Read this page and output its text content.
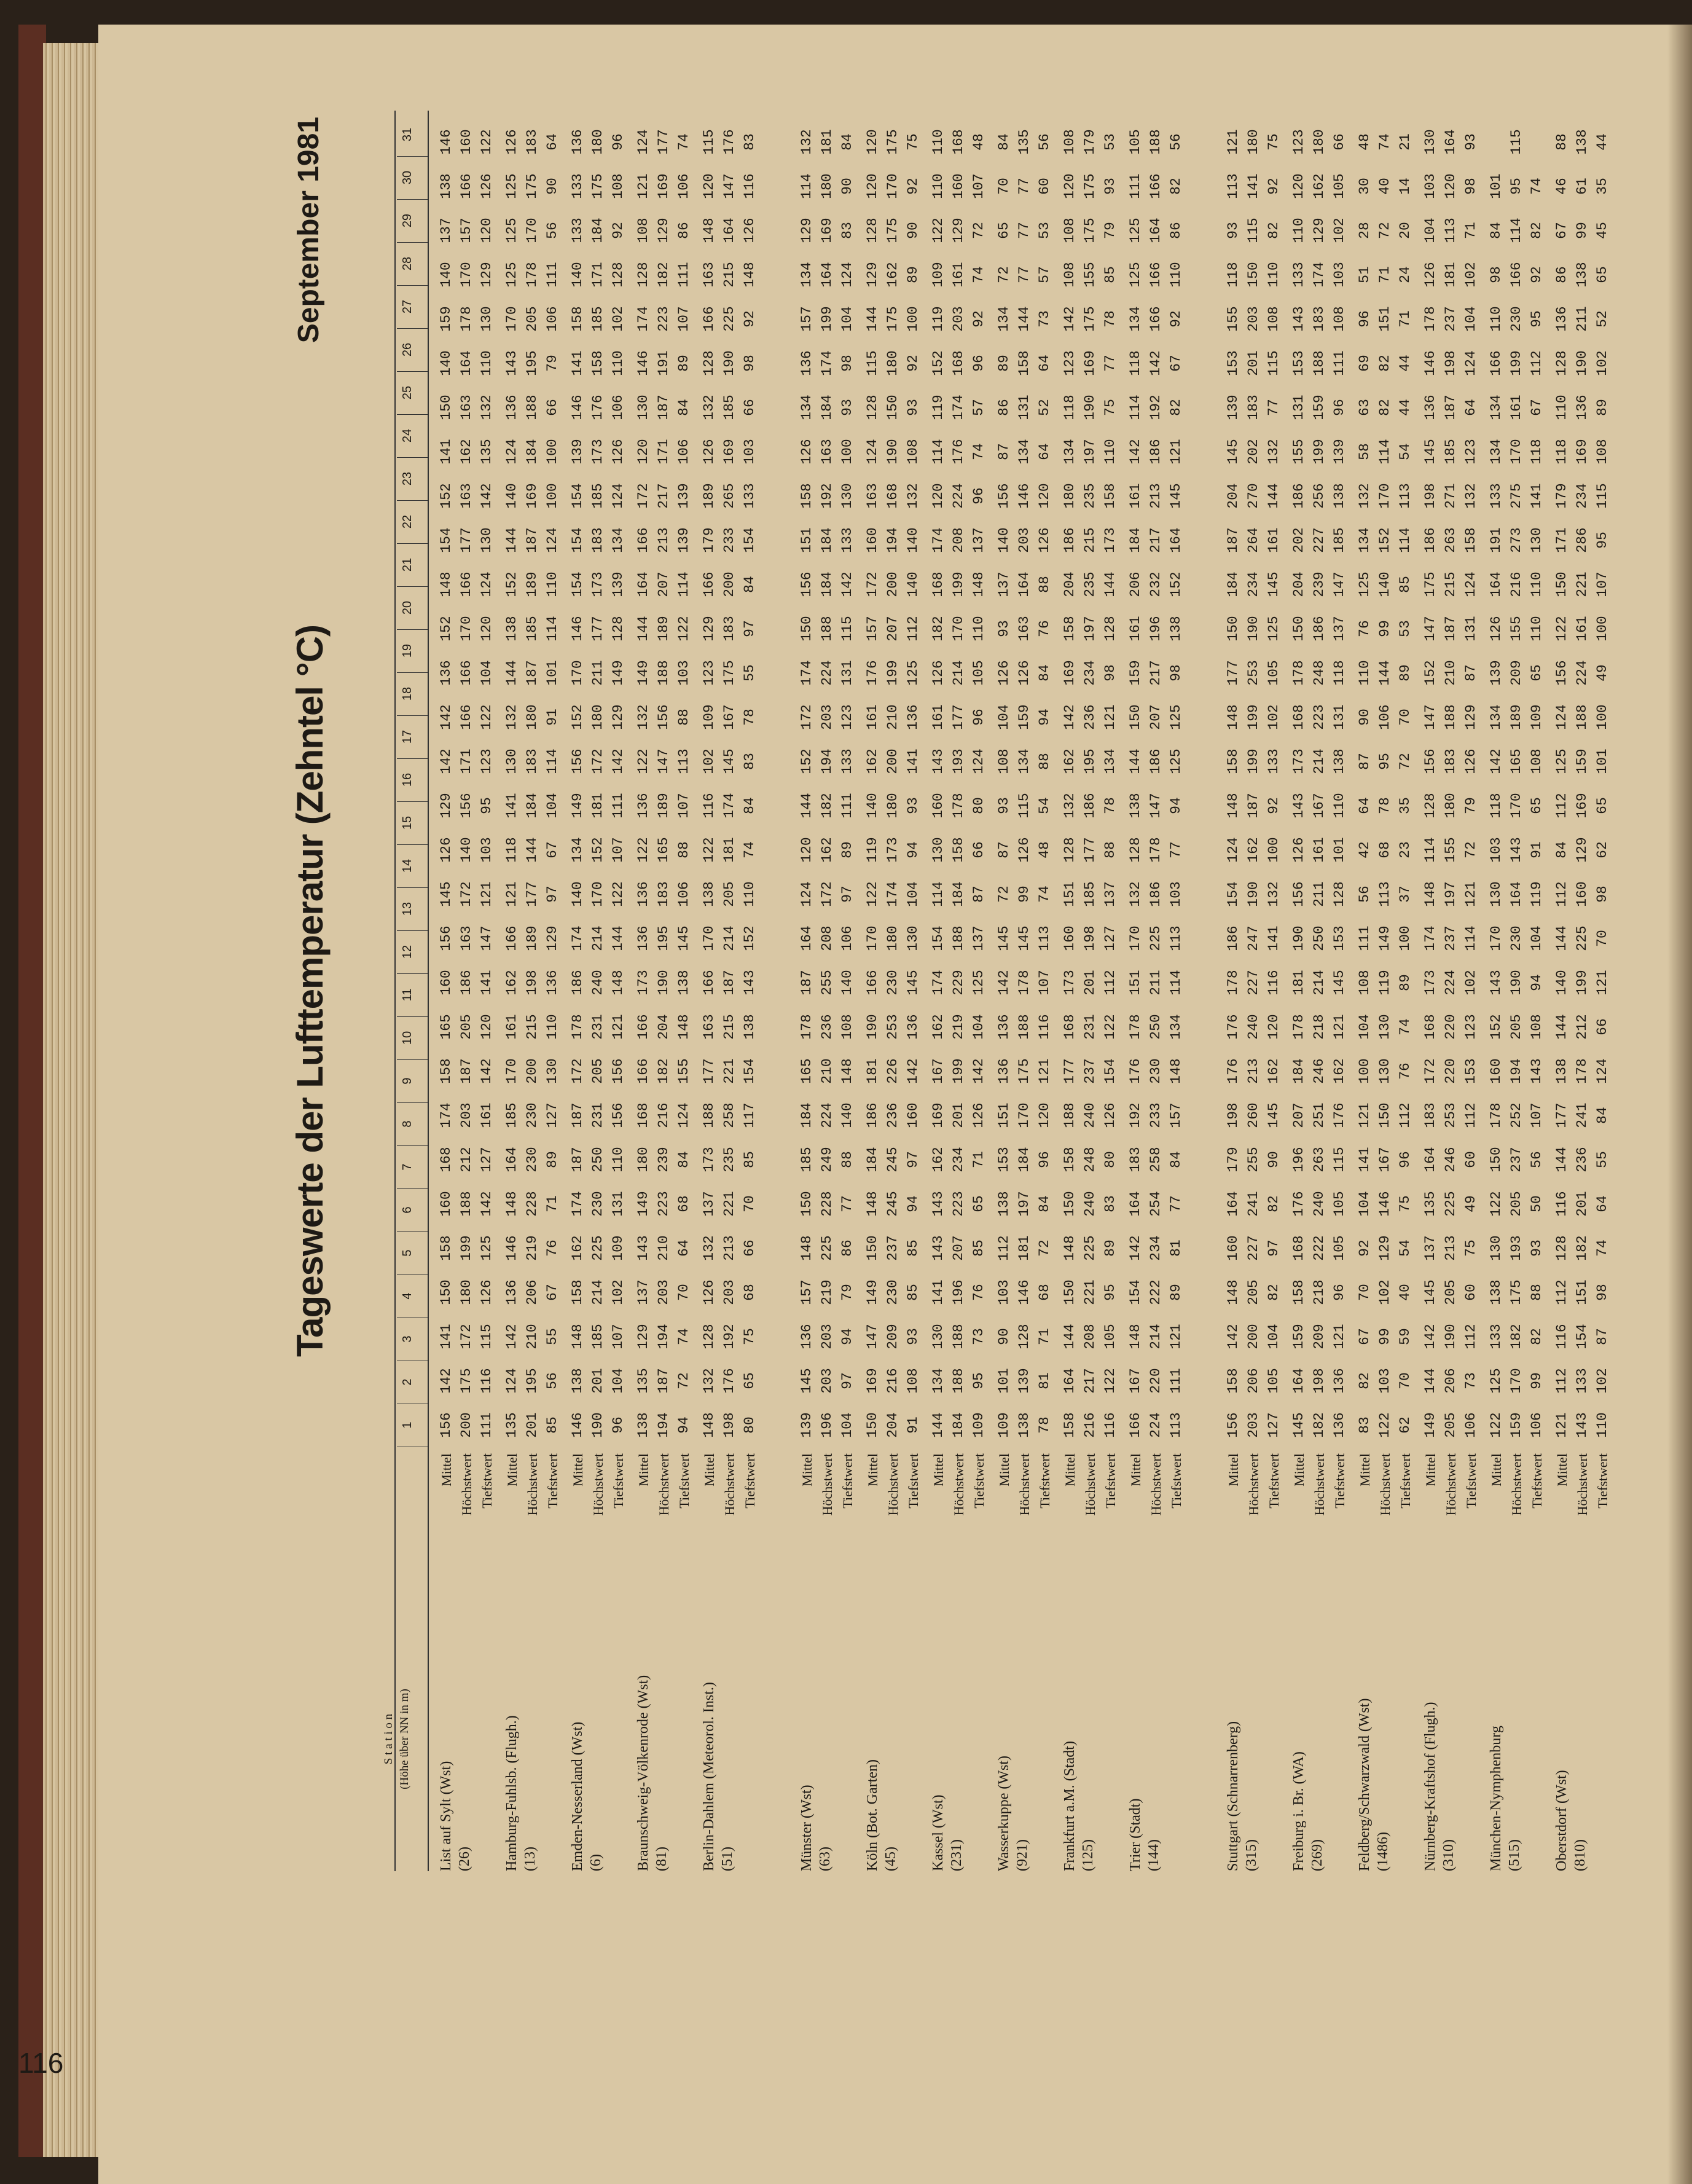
116
Tageswerte der Lufttemperatur (Zehntel °C)
September 1981
S t a t i o n (Höhe über NN in m)
1
2
3
4
5
6
7
8
9
10
11
12
13
14
15
16
17
18
19
20
21
22
23
24
25
26
27
28
29
30
31
List auf Sylt (Wst) (26)
Mittel
156142141150158160168174158165160156145126129142142136152148154152141150140159140137138146
Höchstwert
200175172180199188212203187205186163172140156171166166170166177163162163164178170157166160
Tiefstwert
11111611512612514212716114212014114712110395123122104120124130142135132110130129120126122
Hamburg-Fuhlsb. (Flugh.) (13)
Mittel
135124142136146148164185170161162166121118141130132144138152144140124136143170125125125126
Höchstwert
201195210206219228230230200215198189177144184183180187185189187169184188195205178170175183
Tiefstwert
855655677671891271301101361299767104114911011141101241001006679106111569064
Emden-Nesserland (Wst) (6)
Mittel
146138148158162174187187172178186174140134149156152170146154154154139146141158140133133136
Höchstwert
190201185214225230250231205231240214170152181172180211177173183185173176158185171184175180
Tiefstwert
961041071021091311101561561211481441221071111421291491281391341241261061101021289210896
Braunschweig-Völkenrode (Wst) (81)
Mittel
138135129137143149180168166166173136136122136122132149144164166172120130146174128108121124
Höchstwert
194187194203210223239216182204190195183165189147156188189207213217171187191223182129169177
Tiefstwert
94727470646884124155148138145106881071138810312211413913910684891071118610674
Berlin-Dahlem (Meteorol. Inst.) (51)
Mittel
148132128126132137173188177163166170138122116102109123129166179189126132128166163148120115
Höchstwert
198176192203213221235258221215187214205181174145167175183200233265169185190225215164147176
Tiefstwert
806575686670851171541381431521107484837855978415413310366989214812611683
Münster (Wst) (63)
Mittel
139145136157148150185184165178187164124120144152172174150156151158126134136157134129114132
Höchstwert
196203203219225228249224210236255208172162182194203224188184184192163184174199164169180181
Tiefstwert
10497947986778814014810814010697891111331231311151421331301009398104124839084
Köln (Bot. Garten) (45)
Mittel
150169147149150148184186181190166170122119140162161176157172160163124128115144129128120120
Höchstwert
204216209230237245245236226253230180174173180200210199207200194168190150180175162175170175
Tiefstwert
9110893858594971601421361451301049493141136125112140140132108939210089909275
Kassel (Wst) (231)
Mittel
144134130141143143162169167162174154114130160143161126182168174120114119152119109122110110
Höchstwert
184188188196207223234201199219229188184158178193177214170199208224176174168203161129160168
Tiefstwert
109957376856571126142104125137876680124961051101481379674579692747210748
Wasserkuppe (Wst) (921)
Mittel
109101901031121381531511361361421457287931081041269313714015687868913472657084
Höchstwert
13813912814618119718417017518817814599126115134159126163164203146134131158144777777135
Tiefstwert
7881716872849612012111610711374485488948476881261206452647357536056
Frankfurt a.M. (Stadt) (125)
Mittel
158164144150148150158188177168173160151128132162142169158204186180134118123142108108120108
Höchstwert
216217208221225240248240237231201198185177186195236234197235215235197190169175155175175179
Tiefstwert
1161221059589838012615412211212713788781341219812814417315811075777885799353
Trier (Stadt) (144)
Mittel
166167148154142164183192176178151170132128138144150159161206184161142114118134125125111105
Höchstwert
224220214222234254258233230250211225186178147186207217196232217213186192142166166164166188
Tiefstwert
11311112189817784157148134114113103779412512598138152164145121826792110868256
Stuttgart (Schnarrenberg) (315)
Mittel
15615814214816016417919817617617818615412414815814817715018418720414513915315511893113121
Höchstwert
203206200205227241255260213240227247190162187199199253190234264270202183201203150115141180
Tiefstwert
127105104829782901451621201161411321009213310210512514516114413277115108110829275
Freiburg i. Br. (WA) (269)
Mittel
145164159158168176196207184178181190156126143173168178150204202186155131153143133110120123
Höchstwert
182198209218222240263251246218214250211161167214223248186239227256199159188183174129162180
Tiefstwert
136136121961051051151761621211451531281011101381311181371471851381399611110810310210566
Feldberg/Schwarzwald (Wst) (1486)
Mittel
83826770921041411211001041081115642648790110761251341325863699651283048
Höchstwert
1221039910212914616715013013011914911368789510614499140152170114828215171724074
Tiefstwert
6270594054759611276748910037233572708953851141135444447124201421
Nürnberg-Kraftshof (Flugh.) (310)
Mittel
149144142145137135164183172168173174148114128156147152147175186198145136146178126104103130
Höchstwert
205206190205213225246253220220224237197155180183188210187215263271185187198237181113120164
Tiefstwert
106731126075496011215312310211412172791261298713112415813212364124104102719893
München-Nymphenburg (515)
Mittel
1221251331381301221501781601521431701301031181421341391261641911331341341661109884101
Höchstwert
15917018217519320523725219420519023016414317016518920915521627327517016119923016611495115
Tiefstwert
106998288935056107143108941041199165108109651101101301411186711295928274
Oberstdorf (Wst) (810)
Mittel
1211121161121281161441771381441401441128411212512415612215017117911811012813686674688
Höchstwert
1431331541511822012362411782121992251601291691591882241612212862341691361902111389961138
Tiefstwert
11010287987464558412466121709862651011004910010795115108891025265453544
